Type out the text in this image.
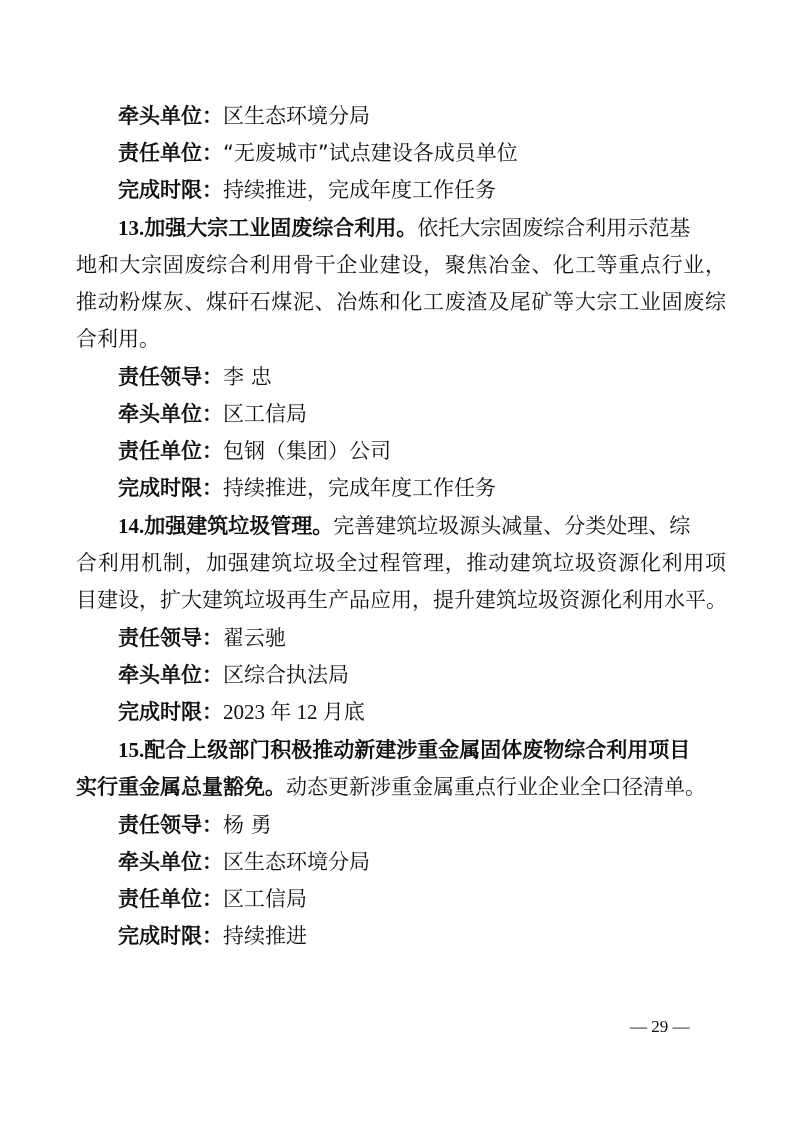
牵头单位：区生态环境分局
责任单位：“无废城市”试点建设各成员单位
完成时限：持续推进，完成年度工作任务
13.加强大宗工业固废综合利用。依托大宗固废综合利用示范基
地和大宗固废综合利用骨干企业建设，聚焦冶金、化工等重点行业，
推动粉煤灰、煤矸石煤泥、冶炼和化工废渣及尾矿等大宗工业固废综
合利用。
责任领导：李 忠
牵头单位：区工信局
责任单位：包钢（集团）公司
完成时限：持续推进，完成年度工作任务
14.加强建筑垃圾管理。完善建筑垃圾源头减量、分类处理、综
合利用机制，加强建筑垃圾全过程管理，推动建筑垃圾资源化利用项
目建设，扩大建筑垃圾再生产品应用，提升建筑垃圾资源化利用水平。
责任领导：翟云驰
牵头单位：区综合执法局
完成时限：2023 年 12 月底
15.配合上级部门积极推动新建涉重金属固体废物综合利用项目
实行重金属总量豁免。动态更新涉重金属重点行业企业全口径清单。
责任领导：杨 勇
牵头单位：区生态环境分局
责任单位：区工信局
完成时限：持续推进
— 29 —
